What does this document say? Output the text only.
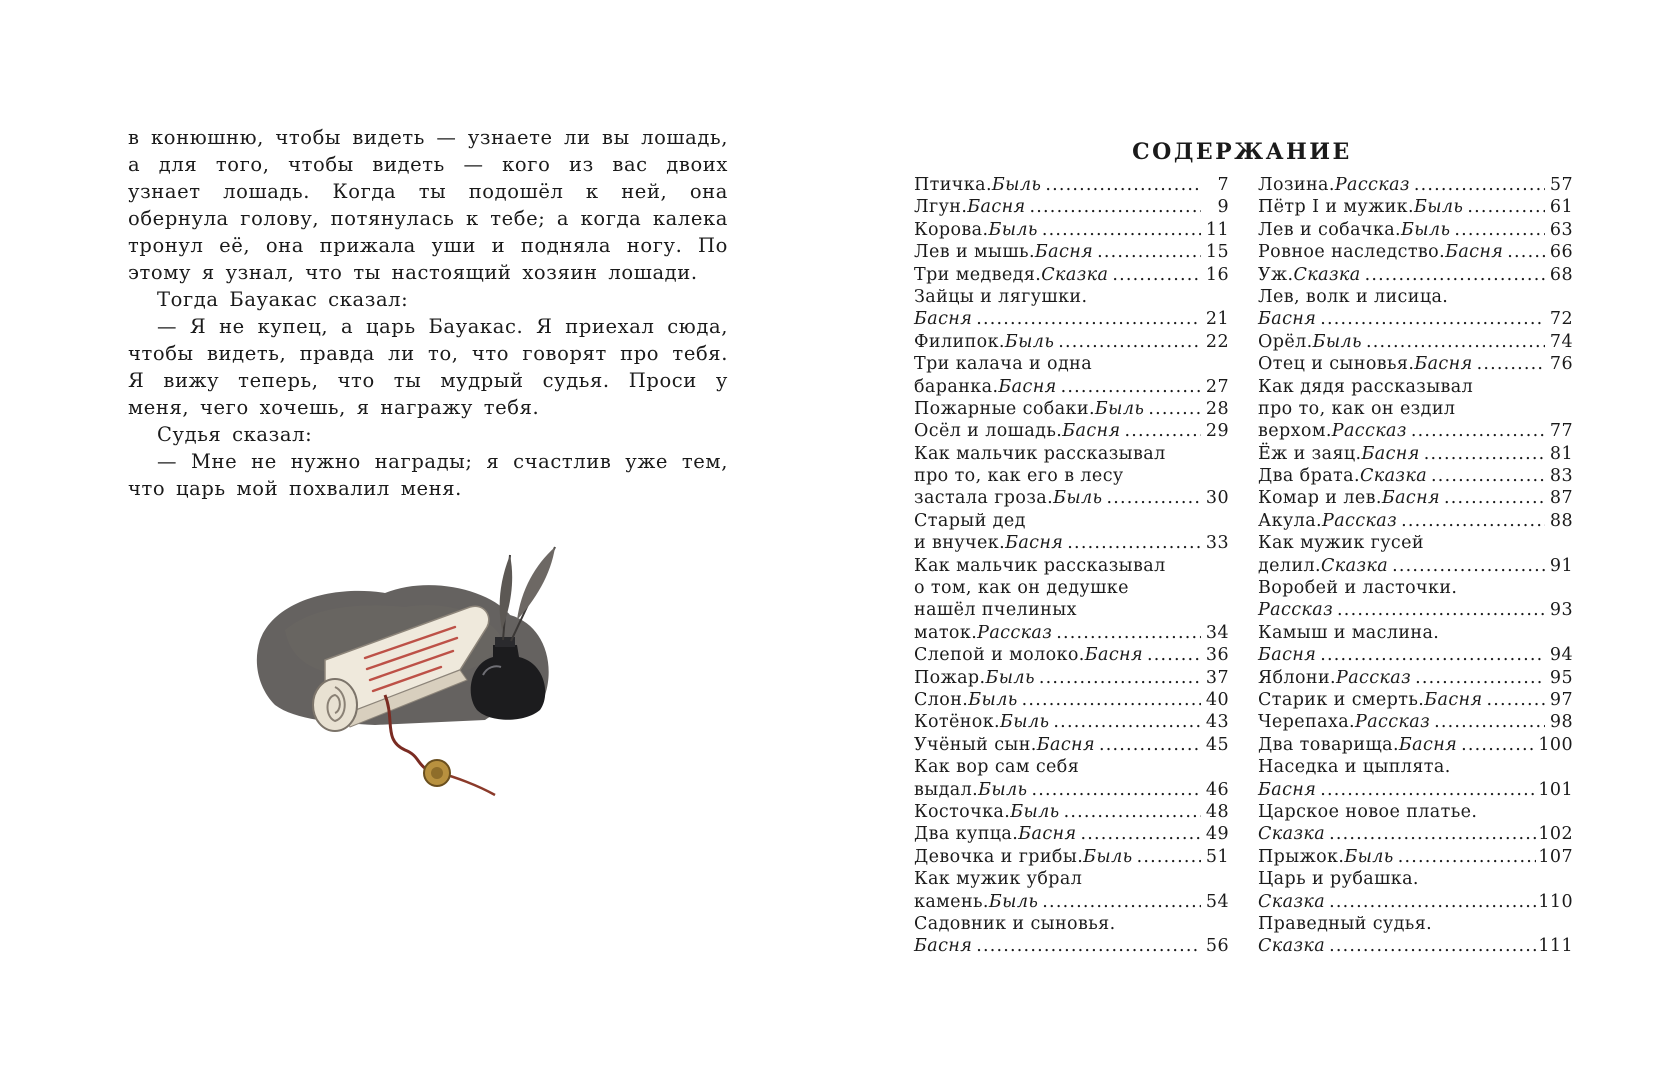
в конюшню, чтобы видеть — узнаете ли вы лошадь, а для того, чтобы видеть — кого из вас двоих узнает лошадь. Когда ты подошёл к ней, она обернула голову, потянулась к тебе; а когда калека тронул её, она прижала уши и подняла ногу. По этому я узнал, что ты настоящий хозяин лошади.

Тогда Бауакас сказал:

— Я не купец, а царь Бауакас. Я приехал сюда, чтобы видеть, правда ли то, что говорят про тебя. Я вижу теперь, что ты мудрый судья. Проси у меня, чего хочешь, я награжу тебя.

Судья сказал:

— Мне не нужно награды; я счастлив уже тем, что царь мой похвалил меня.

СОДЕРЖАНИЕ
Птичка. Быль .....	7
Лгун. Басня .....	9
Корова. Быль .....	11
Лев и мышь. Басня .....	15
Три медведя. Сказка .....	16
Зайцы и лягушки.
Басня .....	21
Филипок. Быль .....	22
Три калача и одна
баранка. Басня .....	27
Пожарные собаки. Быль .....	28
Осёл и лошадь. Басня .....	29
Как мальчик рассказывал
про то, как его в лесу
застала гроза. Быль .....	30
Старый дед
и внучек. Басня .....	33
Как мальчик рассказывал
о том, как он дедушке
нашёл пчелиных
маток. Рассказ .....	34
Слепой и молоко. Басня .....	36
Пожар. Быль .....	37
Слон. Быль .....	40
Котёнок. Быль .....	43
Учёный сын. Басня .....	45
Как вор сам себя
выдал. Быль .....	46
Косточка. Быль .....	48
Два купца. Басня .....	49
Девочка и грибы. Быль .....	51
Как мужик убрал
камень. Быль .....	54
Садовник и сыновья.
Басня .....	56
Лозина. Рассказ .....	57
Пётр I и мужик. Быль .....	61
Лев и собачка. Быль .....	63
Ровное наследство. Басня .....	66
Уж. Сказка .....	68
Лев, волк и лисица.
Басня .....	72
Орёл. Быль .....	74
Отец и сыновья. Басня .....	76
Как дядя рассказывал
про то, как он ездил
верхом. Рассказ .....	77
Ёж и заяц. Басня .....	81
Два брата. Сказка .....	83
Комар и лев. Басня .....	87
Акула. Рассказ .....	88
Как мужик гусей
делил. Сказка .....	91
Воробей и ласточки.
Рассказ .....	93
Камыш и маслина.
Басня .....	94
Яблони. Рассказ .....	95
Старик и смерть. Басня .....	97
Черепаха. Рассказ .....	98
Два товарища. Басня .....	100
Наседка и цыплята.
Басня .....	101
Царское новое платье.
Сказка .....	102
Прыжок. Быль .....	107
Царь и рубашка.
Сказка .....	110
Праведный судья.
Сказка .....	111
